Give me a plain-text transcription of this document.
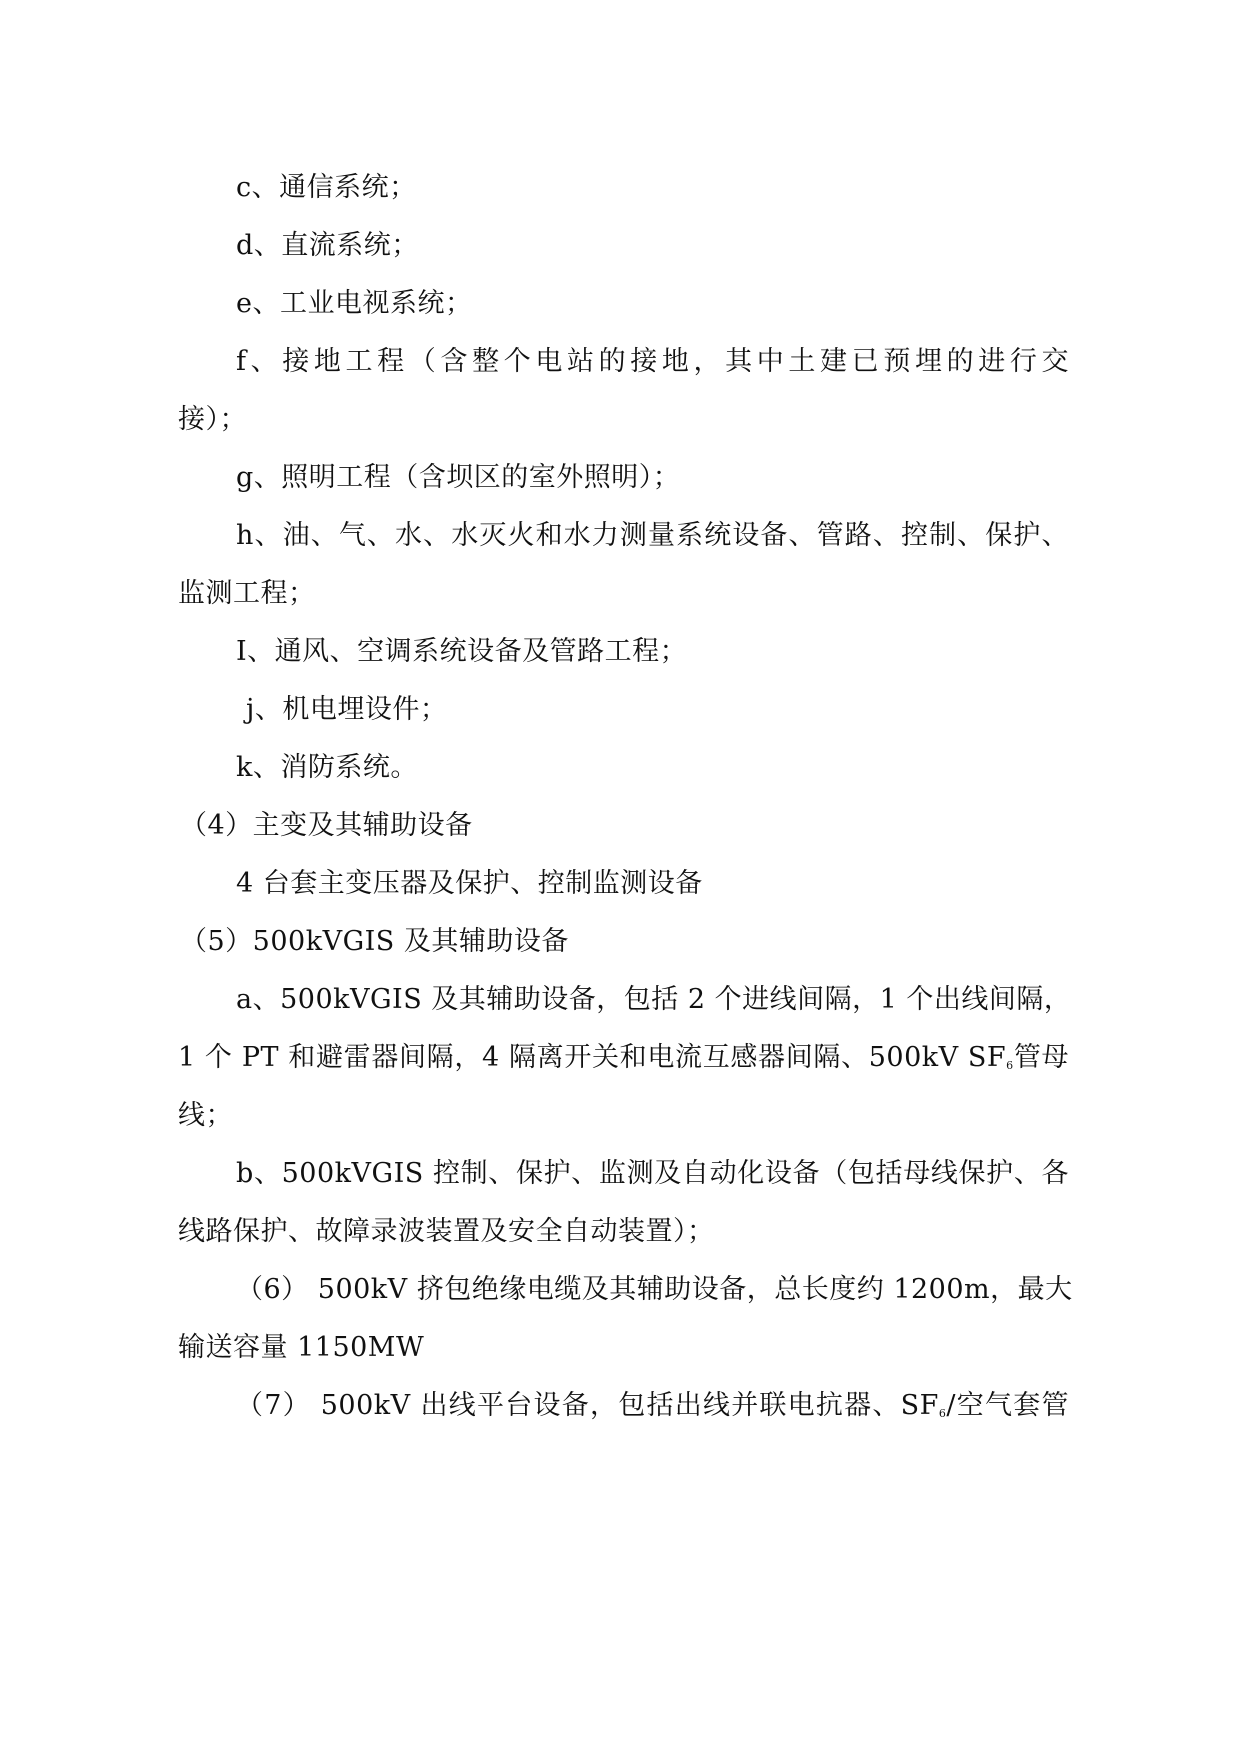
c、通信系统；
d、直流系统；
e、工业电视系统；
f、接地工程（含整个电站的接地，其中土建已预埋的进行交
接）；
g、照明工程（含坝区的室外照明）；
h、油、气、水、水灭火和水力测量系统设备、管路、控制、保护、
监测工程；
I、通风、空调系统设备及管路工程；
j、机电埋设件；
k、消防系统。
（4）主变及其辅助设备
4 台套主变压器及保护、控制监测设备
（5）500kVGIS 及其辅助设备
a、500kVGIS 及其辅助设备，包括 2 个进线间隔，1 个出线间隔，
1 个 PT 和避雷器间隔，4 隔离开关和电流互感器间隔、500kV $SF_6$管母
线；
b、500kVGIS 控制、保护、监测及自动化设备（包括母线保护、各
线路保护、故障录波装置及安全自动装置）；
（6） 500kV 挤包绝缘电缆及其辅助设备，总长度约 1200m，最大
输送容量 1150MW
（7） 500kV 出线平台设备，包括出线并联电抗器、$SF_6/$空气套管
